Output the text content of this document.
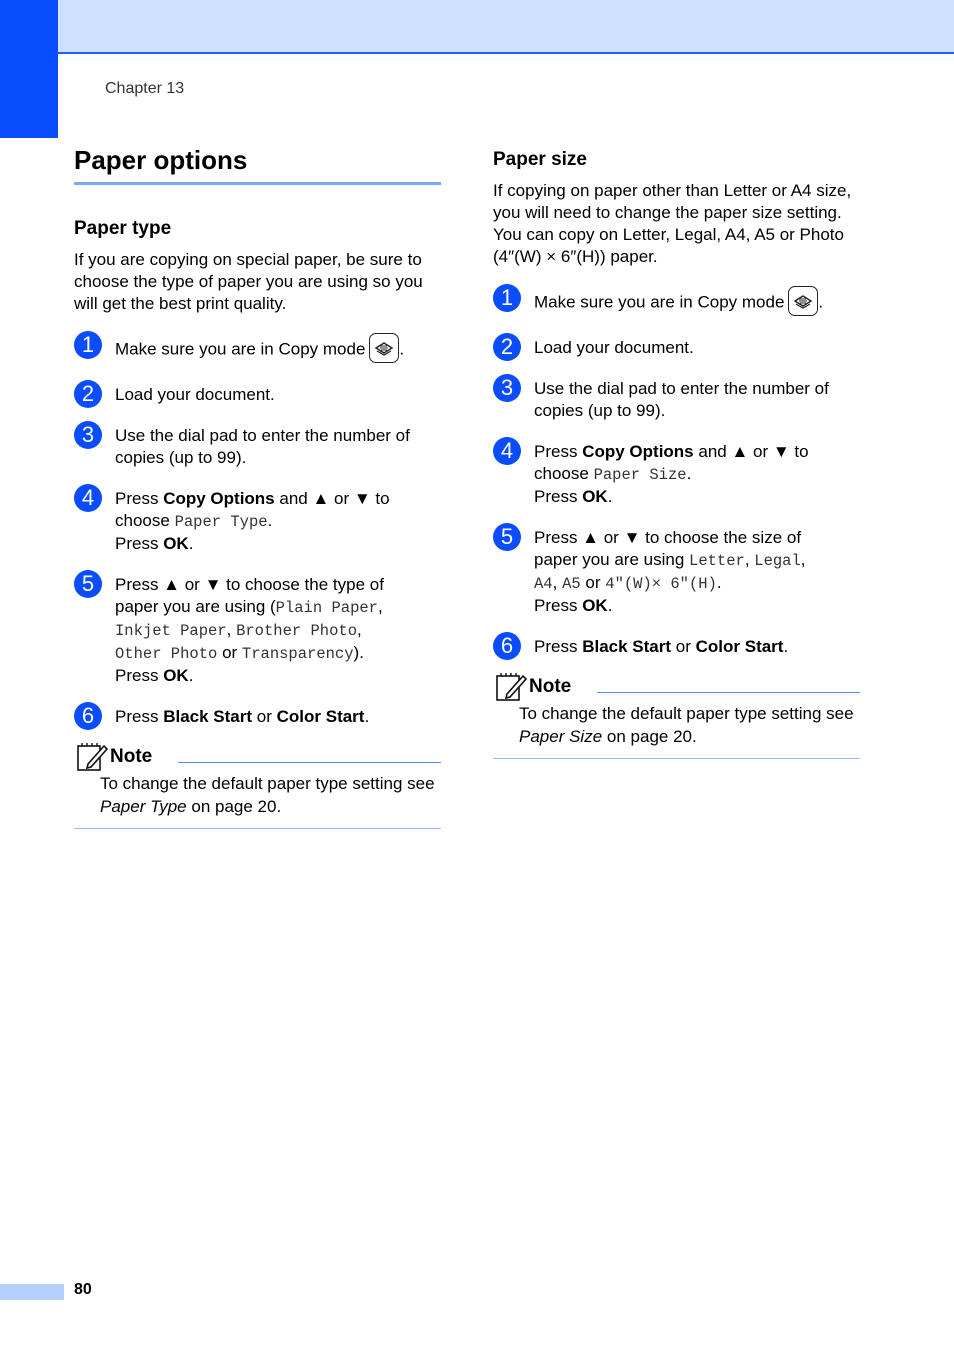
Chapter 13
Paper options
Paper type

If you are copying on special paper, be sure to choose the type of paper you are using so you will get the best print quality.

1	Make sure you are in Copy mode .
2	Load your document.
3	Use the dial pad to enter the number of copies (up to 99).
4	Press Copy Options and ▲ or ▼ to
choose Paper Type.
Press OK.
5	Press ▲ or ▼ to choose the type of
paper you are using (Plain Paper,
Inkjet Paper, Brother Photo,
Other Photo or Transparency).
Press OK.
6	Press Black Start or Color Start.
Note
To change the default paper type setting see Paper Type on page 20.
Paper size

If copying on paper other than Letter or A4 size, you will need to change the paper size setting. You can copy on Letter, Legal, A4, A5 or Photo (4″(W) × 6″(H)) paper.

1	Make sure you are in Copy mode .
2	Load your document.
3	Use the dial pad to enter the number of copies (up to 99).
4	Press Copy Options and ▲ or ▼ to
choose Paper Size.
Press OK.
5	Press ▲ or ▼ to choose the size of
paper you are using Letter, Legal,
A4, A5 or 4″(W)× 6″(H).
Press OK.
6	Press Black Start or Color Start.
Note
To change the default paper type setting see Paper Size on page 20.
80
